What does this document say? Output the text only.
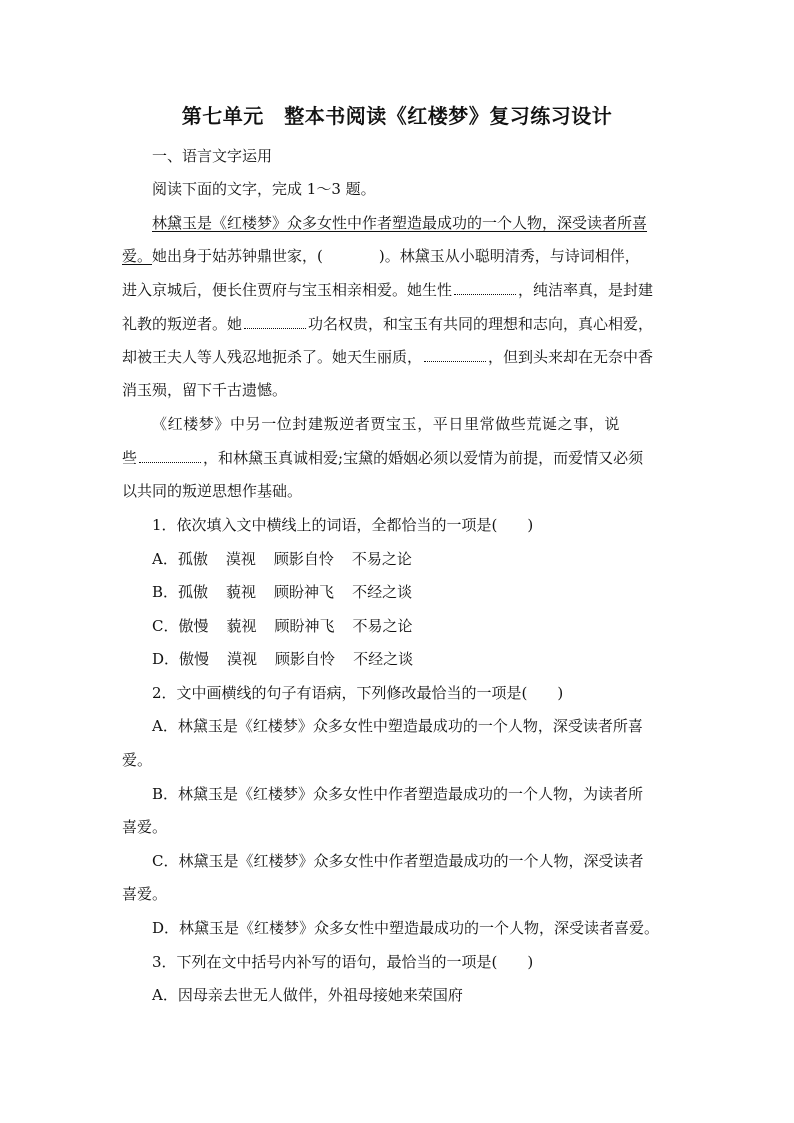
第七单元　整本书阅读《红楼梦》复习练习设计
一、语言文字运用
阅读下面的文字，完成 1～3 题。
林黛玉是《红楼梦》众多女性中作者塑造最成功的一个人物，深受读者所喜
爱。她出身于姑苏钟鼎世家，(	)。林黛玉从小聪明清秀，与诗词相伴，
进入京城后，便长住贾府与宝玉相亲相爱。她生性	，纯洁率真，是封建
礼教的叛逆者。她	功名权贵，和宝玉有共同的理想和志向，真心相爱，
却被王夫人等人残忍地扼杀了。她天生丽质，	，但到头来却在无奈中香
消玉殒，留下千古遗憾。
《红楼梦》中另一位封建叛逆者贾宝玉，平日里常做些荒诞之事，说
些	，和林黛玉真诚相爱;宝黛的婚姻必须以爱情为前提，而爱情又必须
以共同的叛逆思想作基础。
1．依次填入文中横线上的词语，全都恰当的一项是(　　)
A．孤傲 漠视 顾影自怜 不易之论
B．孤傲 藐视 顾盼神飞 不经之谈
C．傲慢 藐视 顾盼神飞 不易之论
D．傲慢 漠视 顾影自怜 不经之谈
2．文中画横线的句子有语病，下列修改最恰当的一项是(　　)
A．林黛玉是《红楼梦》众多女性中塑造最成功的一个人物，深受读者所喜
爱。
B．林黛玉是《红楼梦》众多女性中作者塑造最成功的一个人物，为读者所
喜爱。
C．林黛玉是《红楼梦》众多女性中作者塑造最成功的一个人物，深受读者
喜爱。
D．林黛玉是《红楼梦》众多女性中塑造最成功的一个人物，深受读者喜爱。
3．下列在文中括号内补写的语句，最恰当的一项是(　　)
A．因母亲去世无人做伴，外祖母接她来荣国府
